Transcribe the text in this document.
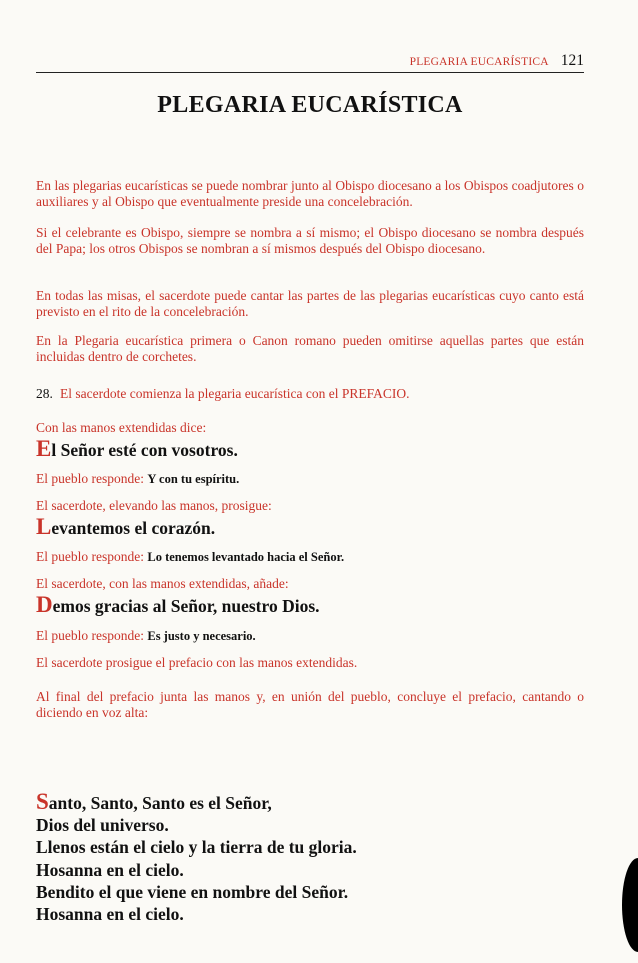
PLEGARIA EUCARÍSTICA 121
PLEGARIA EUCARÍSTICA
En las plegarias eucarísticas se puede nombrar junto al Obispo diocesano a los Obispos coadjutores o auxiliares y al Obispo que eventualmente preside una concelebración.
Si el celebrante es Obispo, siempre se nombra a sí mismo; el Obispo diocesano se nombra después del Papa; los otros Obispos se nombran a sí mismos después del Obispo diocesano.
En todas las misas, el sacerdote puede cantar las partes de las plegarias eucarísticas cuyo canto está previsto en el rito de la concelebración.
En la Plegaria eucarística primera o Canon romano pueden omitirse aquellas partes que están incluidas dentro de corchetes.
28. El sacerdote comienza la plegaria eucarística con el PREFACIO.
Con las manos extendidas dice:
El Señor esté con vosotros.
El pueblo responde: Y con tu espíritu.
El sacerdote, elevando las manos, prosigue:
Levantemos el corazón.
El pueblo responde: Lo tenemos levantado hacia el Señor.
El sacerdote, con las manos extendidas, añade:
Demos gracias al Señor, nuestro Dios.
El pueblo responde: Es justo y necesario.
El sacerdote prosigue el prefacio con las manos extendidas.
Al final del prefacio junta las manos y, en unión del pueblo, concluye el prefacio, cantando o diciendo en voz alta:
Santo, Santo, Santo es el Señor,
Dios del universo.
Llenos están el cielo y la tierra de tu gloria.
Hosanna en el cielo.
Bendito el que viene en nombre del Señor.
Hosanna en el cielo.
